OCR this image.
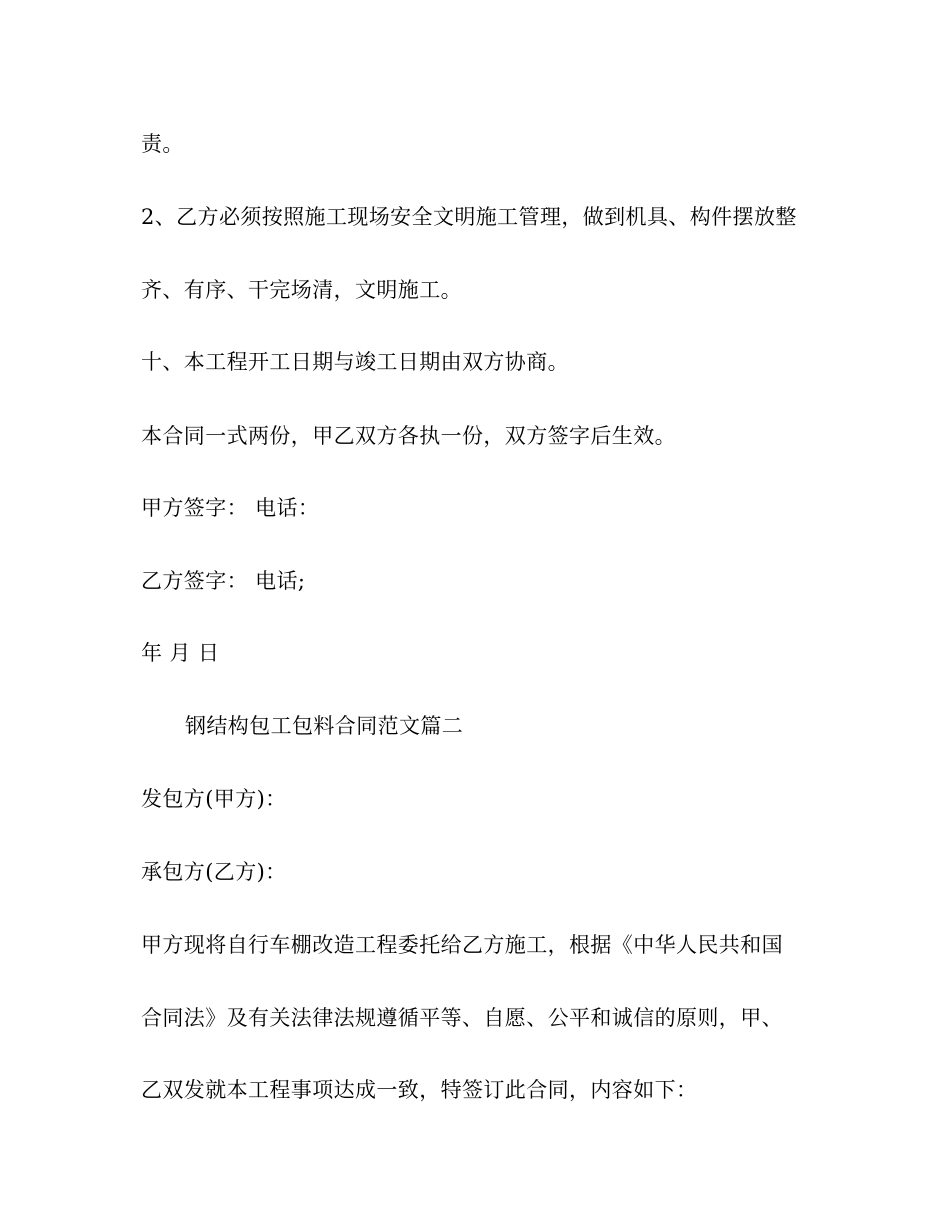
责。
2、乙方必须按照施工现场安全文明施工管理，做到机具、构件摆放整
齐、有序、干完场清，文明施工。
十、本工程开工日期与竣工日期由双方协商。
本合同一式两份，甲乙双方各执一份，双方签字后生效。
甲方签字： 电话：
乙方签字： 电话;
年 月 日
钢结构包工包料合同范文篇二
发包方(甲方)：
承包方(乙方)：
甲方现将自行车棚改造工程委托给乙方施工，根据《中华人民共和国
合同法》及有关法律法规遵循平等、自愿、公平和诚信的原则，甲、
乙双发就本工程事项达成一致，特签订此合同，内容如下：
